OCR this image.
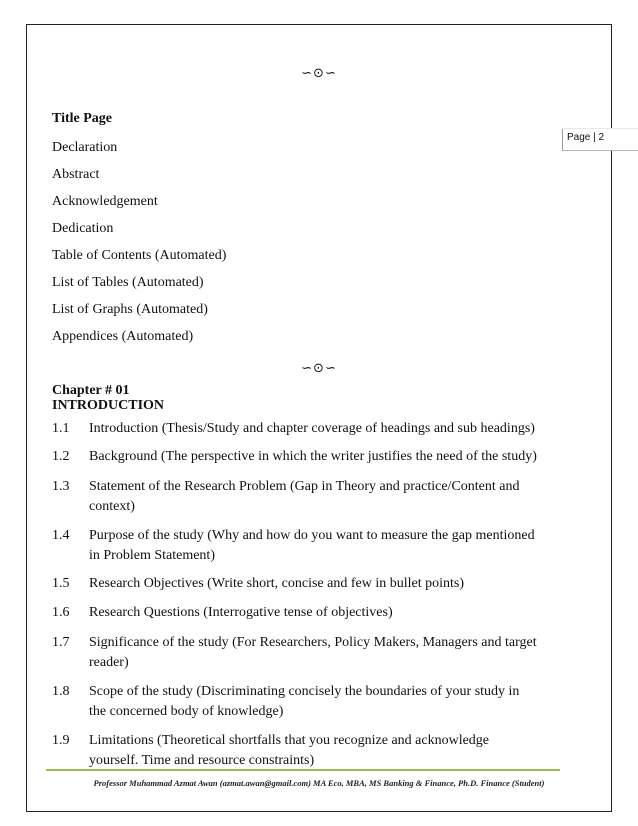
∽⊙∽
Title Page
Page | 2
Declaration
Abstract
Acknowledgement
Dedication
Table of Contents (Automated)
List of Tables (Automated)
List of Graphs (Automated)
Appendices (Automated)
∽⊙∽
Chapter # 01
INTRODUCTION
1.1	Introduction (Thesis/Study and chapter coverage of headings and sub headings)
1.2	Background (The perspective in which the writer justifies the need of the study)
1.3	Statement of the Research Problem (Gap in Theory and practice/Content and
context)
1.4	Purpose of the study (Why and how do you want to measure the gap mentioned
in Problem Statement)
1.5	Research Objectives (Write short, concise and few in bullet points)
1.6	Research Questions (Interrogative tense of objectives)
1.7	Significance of the study (For Researchers, Policy Makers, Managers and target
reader)
1.8	Scope of the study (Discriminating concisely the boundaries of your study in
the concerned body of knowledge)
1.9	Limitations (Theoretical shortfalls that you recognize and acknowledge
yourself. Time and resource constraints)
Professor Muhammad Azmat Awan (azmat.awan@gmail.com) MA Eco, MBA, MS Banking & Finance, Ph.D. Finance (Student)
